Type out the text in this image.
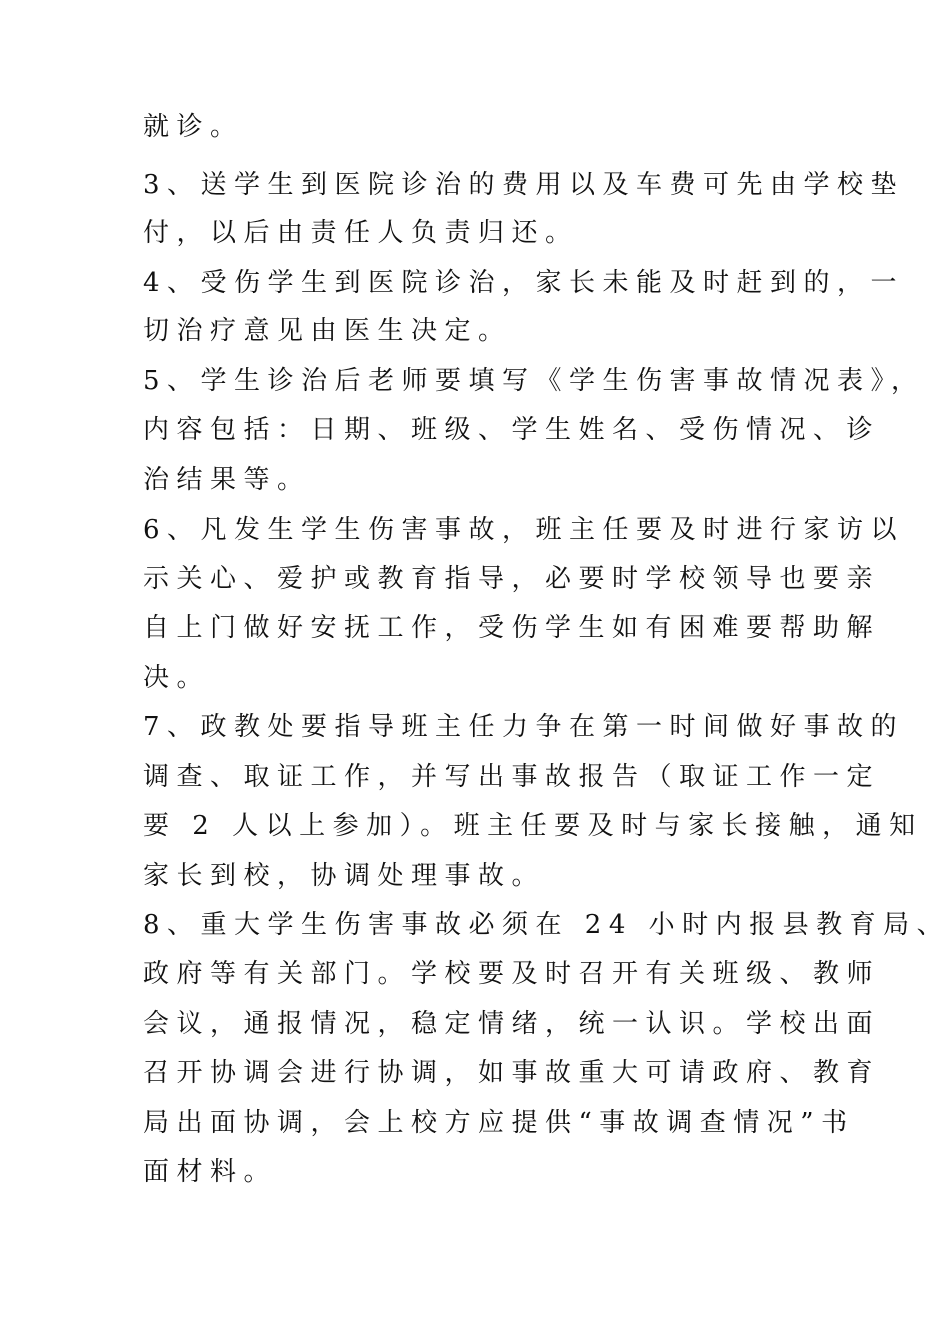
就诊。
3、送学生到医院诊治的费用以及车费可先由学校垫
付，以后由责任人负责归还。
4、受伤学生到医院诊治，家长未能及时赶到的，一
切治疗意见由医生决定。
5、学生诊治后老师要填写《学生伤害事故情况表》，
内容包括：日期、班级、学生姓名、受伤情况、诊
治结果等。
6、凡发生学生伤害事故，班主任要及时进行家访以
示关心、爱护或教育指导，必要时学校领导也要亲
自上门做好安抚工作，受伤学生如有困难要帮助解
决。
7、政教处要指导班主任力争在第一时间做好事故的
调查、取证工作，并写出事故报告（取证工作一定
要 2 人以上参加）。班主任要及时与家长接触，通知
家长到校，协调处理事故。
8、重大学生伤害事故必须在 24 小时内报县教育局、
政府等有关部门。学校要及时召开有关班级、教师
会议，通报情况，稳定情绪，统一认识。学校出面
召开协调会进行协调，如事故重大可请政府、教育
局出面协调，会上校方应提供“事故调查情况”书
面材料。
